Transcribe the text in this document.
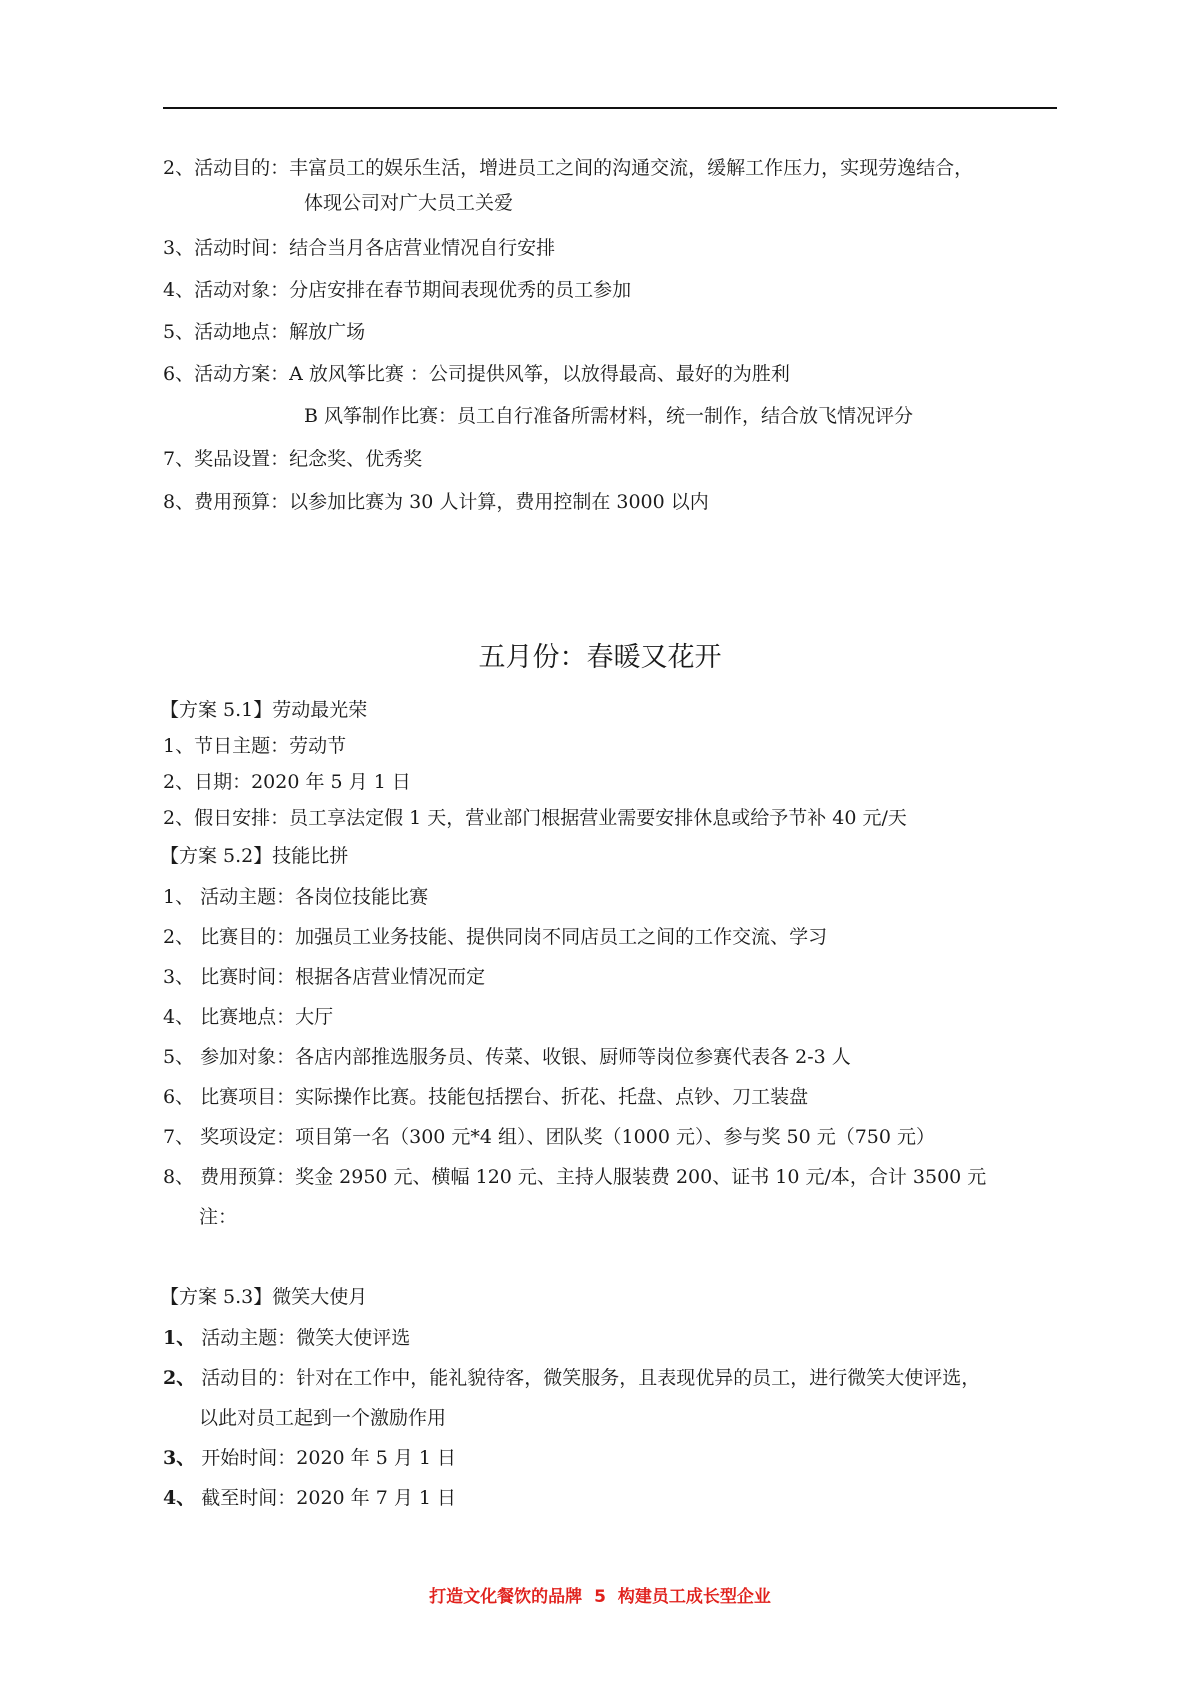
2、活动目的：丰富员工的娱乐生活，增进员工之间的沟通交流，缓解工作压力，实现劳逸结合，
体现公司对广大员工关爱
3、活动时间：结合当月各店营业情况自行安排
4、活动对象：分店安排在春节期间表现优秀的员工参加
5、活动地点：解放广场
6、活动方案：A 放风筝比赛 ：公司提供风筝，以放得最高、最好的为胜利
B 风筝制作比赛：员工自行准备所需材料，统一制作，结合放飞情况评分
7、奖品设置：纪念奖、优秀奖
8、费用预算：以参加比赛为 30 人计算，费用控制在 3000 以内
五月份：春暖又花开
【方案 5.1】劳动最光荣
1、节日主题：劳动节
2、日期：2020 年 5 月 1 日
2、假日安排：员工享法定假 1 天，营业部门根据营业需要安排休息或给予节补 40 元/天
【方案 5.2】技能比拼
1、 活动主题：各岗位技能比赛
2、 比赛目的：加强员工业务技能、提供同岗不同店员工之间的工作交流、学习
3、 比赛时间：根据各店营业情况而定
4、 比赛地点：大厅
5、 参加对象：各店内部推选服务员、传菜、收银、厨师等岗位参赛代表各 2-3 人
6、 比赛项目：实际操作比赛。技能包括摆台、折花、托盘、点钞、刀工装盘
7、 奖项设定：项目第一名（300 元*4 组）、团队奖（1000 元）、参与奖 50 元（750 元）
8、 费用预算：奖金 2950 元、横幅 120 元、主持人服装费 200、证书 10 元/本，合计 3500 元
注：
【方案 5.3】微笑大使月
1、 活动主题：微笑大使评选
2、 活动目的：针对在工作中，能礼貌待客，微笑服务，且表现优异的员工，进行微笑大使评选，
以此对员工起到一个激励作用
3、 开始时间：2020 年 5 月 1 日
4、 截至时间：2020 年 7 月 1 日
打造文化餐饮的品牌 5 构建员工成长型企业
